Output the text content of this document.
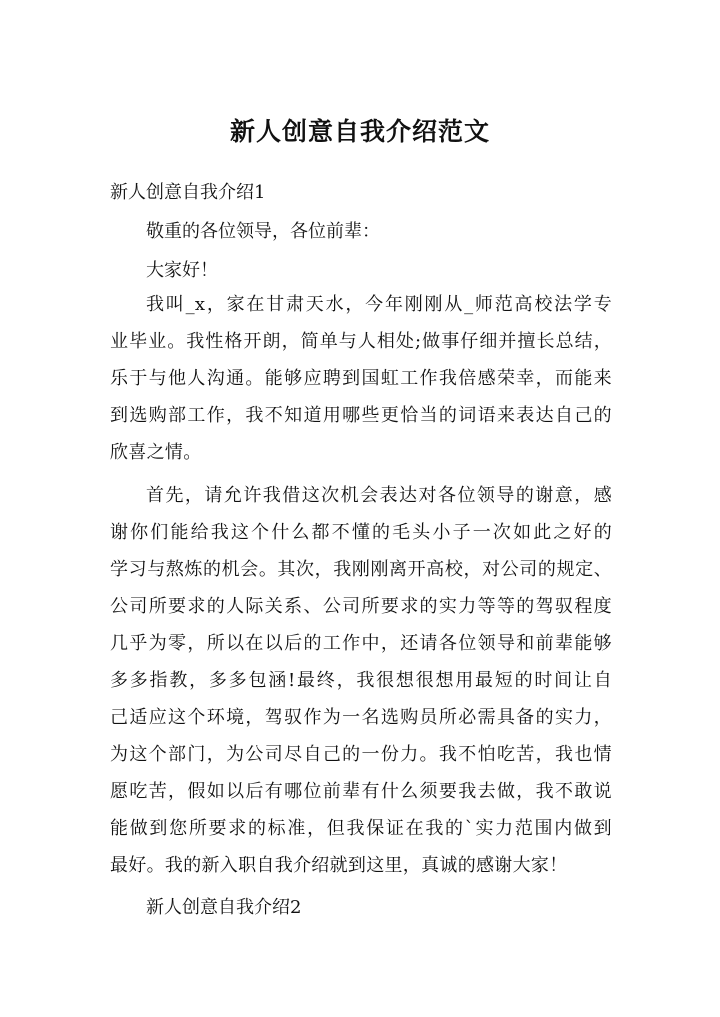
新人创意自我介绍范文

新人创意自我介绍1

敬重的各位领导，各位前辈：

大家好！

我叫_x，家在甘肃天水，今年刚刚从_师范高校法学专

业毕业。我性格开朗，简单与人相处;做事仔细并擅长总结，

乐于与他人沟通。能够应聘到国虹工作我倍感荣幸，而能来

到选购部工作，我不知道用哪些更恰当的词语来表达自己的

欣喜之情。

首先，请允许我借这次机会表达对各位领导的谢意，感

谢你们能给我这个什么都不懂的毛头小子一次如此之好的

学习与熬炼的机会。其次，我刚刚离开高校，对公司的规定、

公司所要求的人际关系、公司所要求的实力等等的驾驭程度

几乎为零，所以在以后的工作中，还请各位领导和前辈能够

多多指教，多多包涵!最终，我很想很想用最短的时间让自

己适应这个环境，驾驭作为一名选购员所必需具备的实力，

为这个部门，为公司尽自己的一份力。我不怕吃苦，我也情

愿吃苦，假如以后有哪位前辈有什么须要我去做，我不敢说

能做到您所要求的标准，但我保证在我的`实力范围内做到

最好。我的新入职自我介绍就到这里，真诚的感谢大家！

新人创意自我介绍2
